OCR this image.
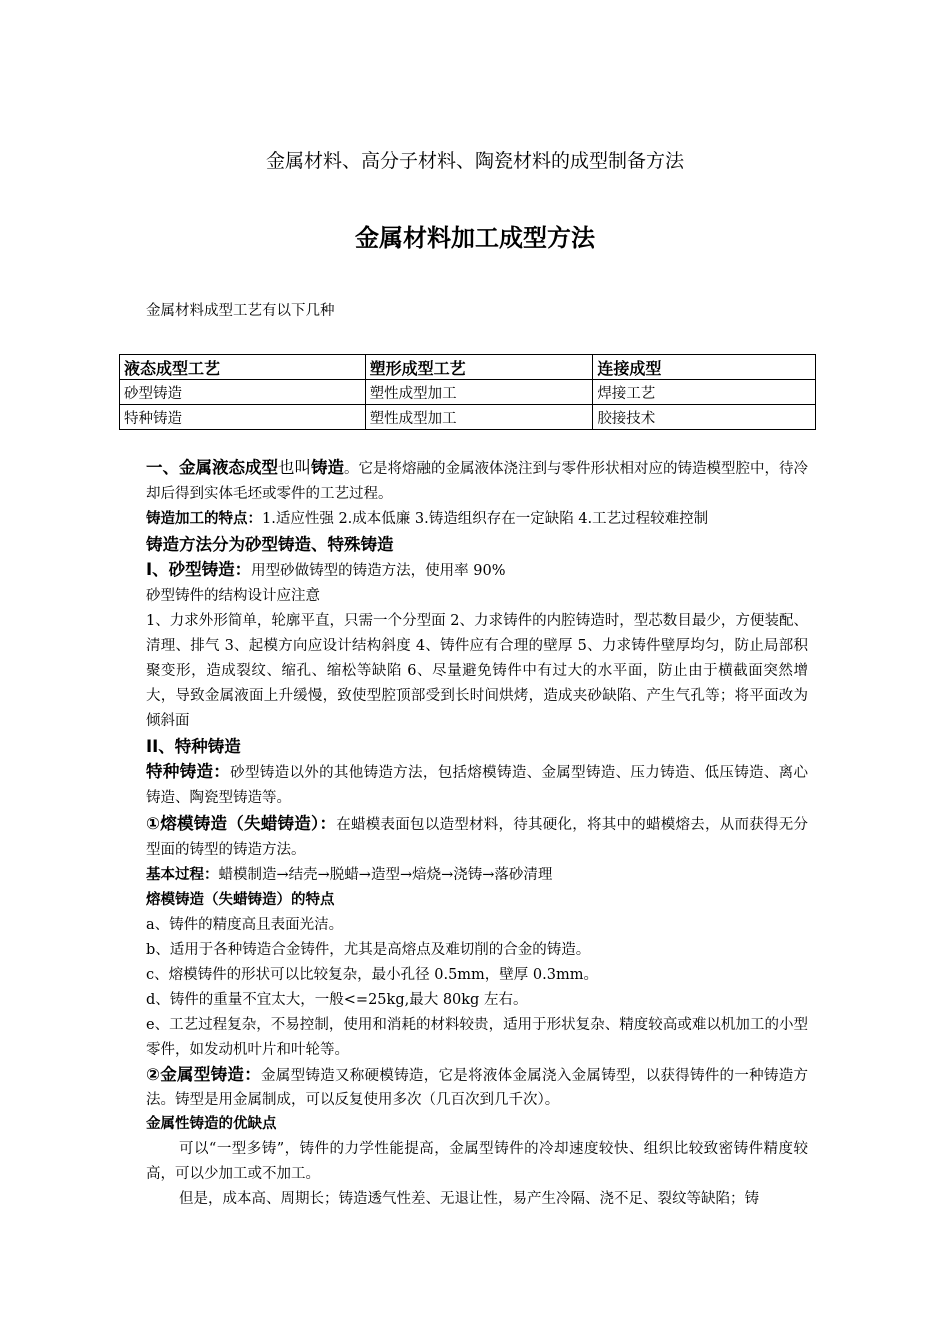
金属材料、高分子材料、陶瓷材料的成型制备方法
金属材料加工成型方法
金属材料成型工艺有以下几种
液态成型工艺	塑形成型工艺	连接成型
砂型铸造	塑性成型加工	焊接工艺
特种铸造	塑性成型加工	胶接技术

一、金属液态成型也叫铸造。它是将熔融的金属液体浇注到与零件形状相对应的铸造模型腔中，待冷却后得到实体毛坯或零件的工艺过程。

铸造加工的特点：1.适应性强 2.成本低廉 3.铸造组织存在一定缺陷 4.工艺过程较难控制

铸造方法分为砂型铸造、特殊铸造

I、砂型铸造：用型砂做铸型的铸造方法，使用率 90%

砂型铸件的结构设计应注意

1、力求外形简单，轮廓平直，只需一个分型面 2、力求铸件的内腔铸造时，型芯数目最少，方便装配、清理、排气 3、起模方向应设计结构斜度 4、铸件应有合理的壁厚 5、力求铸件壁厚均匀，防止局部积聚变形，造成裂纹、缩孔、缩松等缺陷 6、尽量避免铸件中有过大的水平面，防止由于横截面突然增大，导致金属液面上升缓慢，致使型腔顶部受到长时间烘烤，造成夹砂缺陷、产生气孔等；将平面改为倾斜面

II、特种铸造

特种铸造：砂型铸造以外的其他铸造方法，包括熔模铸造、金属型铸造、压力铸造、低压铸造、离心铸造、陶瓷型铸造等。

①熔模铸造（失蜡铸造）：在蜡模表面包以造型材料，待其硬化，将其中的蜡模熔去，从而获得无分型面的铸型的铸造方法。

基本过程：蜡模制造→结壳→脱蜡→造型→焙烧→浇铸→落砂清理

熔模铸造（失蜡铸造）的特点

a、铸件的精度高且表面光洁。

b、适用于各种铸造合金铸件，尤其是高熔点及难切削的合金的铸造。

c、熔模铸件的形状可以比较复杂，最小孔径 0.5mm，壁厚 0.3mm。

d、铸件的重量不宜太大，一般<=25kg,最大 80kg 左右。

e、工艺过程复杂，不易控制，使用和消耗的材料较贵，适用于形状复杂、精度较高或难以机加工的小型零件，如发动机叶片和叶轮等。

②金属型铸造：金属型铸造又称硬模铸造，它是将液体金属浇入金属铸型，以获得铸件的一种铸造方法。铸型是用金属制成，可以反复使用多次（几百次到几千次）。

金属性铸造的优缺点

可以“一型多铸”，铸件的力学性能提高，金属型铸件的冷却速度较快、组织比较致密铸件精度较高，可以少加工或不加工。

但是，成本高、周期长；铸造透气性差、无退让性，易产生冷隔、浇不足、裂纹等缺陷；铸
